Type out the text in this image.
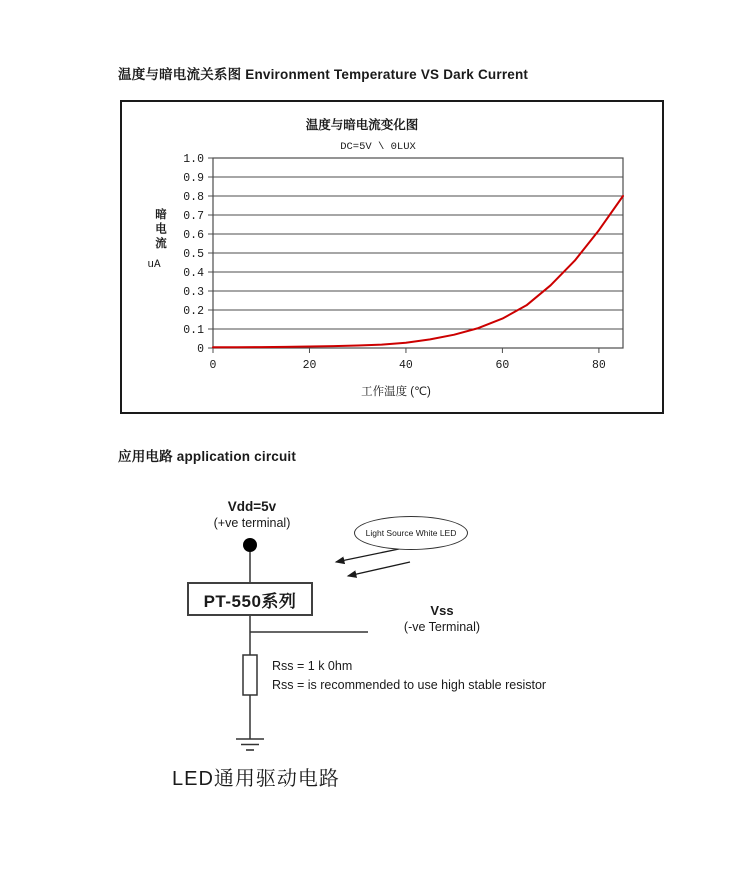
温度与暗电流关系图 Environment Temperature VS Dark Current
0
0.1
0.2
0.3
0.4
0.5
0.6
0.7
0.8
0.9
1.0
0	20	40	60	80
温度与暗电流变化图
DC=5V \ 0LUX
暗电流
uA
工作温度 (℃)
应用电路 application circuit
Vdd=5v
(+ve terminal)
PT-550系列
Light Source White LED
Vss
(-ve Terminal)
Rss = 1 k 0hm
Rss = is recommended to use high stable resistor
LED通用驱动电路
